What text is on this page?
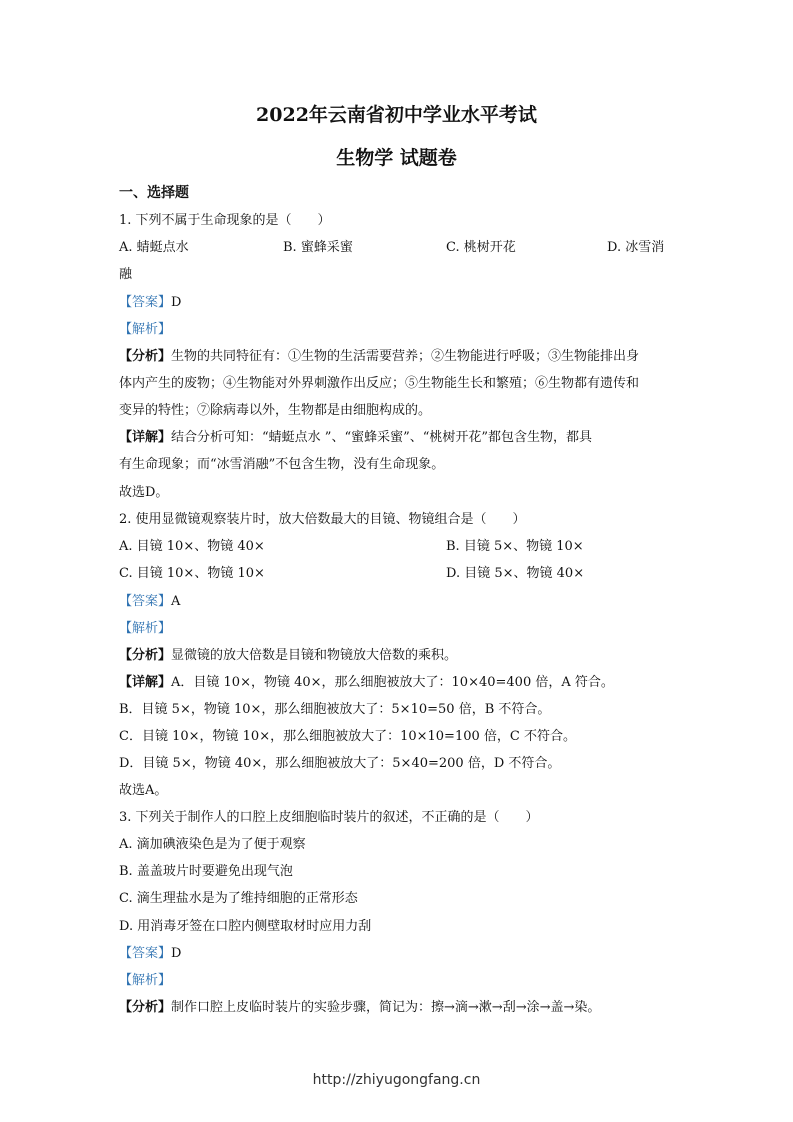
2022年云南省初中学业水平考试
生物学 试题卷
一、选择题
1. 下列不属于生命现象的是（　　）
A. 蜻蜓点水	B. 蜜蜂采蜜	C. 桃树开花	D. 冰雪消
融
【答案】D
【解析】
【分析】生物的共同特征有：①生物的生活需要营养；②生物能进行呼吸；③生物能排出身
体内产生的废物；④生物能对外界刺激作出反应；⑤生物能生长和繁殖；⑥生物都有遗传和
变异的特性；⑦除病毒以外，生物都是由细胞构成的。
【详解】结合分析可知：“蜻蜓点水 ”、“蜜蜂采蜜”、“桃树开花”都包含生物，都具
有生命现象；而“冰雪消融”不包含生物，没有生命现象。
故选D。
2. 使用显微镜观察装片时，放大倍数最大的目镜、物镜组合是（　　）
A. 目镜 10×、物镜 40×	B. 目镜 5×、物镜 10×
C. 目镜 10×、物镜 10×	D. 目镜 5×、物镜 40×
【答案】A
【解析】
【分析】显微镜的放大倍数是目镜和物镜放大倍数的乘积。
【详解】A．目镜 10×，物镜 40×，那么细胞被放大了：10×40=400 倍，A 符合。
B．目镜 5×，物镜 10×，那么细胞被放大了：5×10=50 倍，B 不符合。
C．目镜 10×，物镜 10×，那么细胞被放大了：10×10=100 倍，C 不符合。
D．目镜 5×，物镜 40×，那么细胞被放大了：5×40=200 倍，D 不符合。
故选A。
3. 下列关于制作人的口腔上皮细胞临时装片的叙述，不正确的是（　　）
A. 滴加碘液染色是为了便于观察
B. 盖盖玻片时要避免出现气泡
C. 滴生理盐水是为了维持细胞的正常形态
D. 用消毒牙签在口腔内侧壁取材时应用力刮
【答案】D
【解析】
【分析】制作口腔上皮临时装片的实验步骤，简记为：擦→滴→漱→刮→涂→盖→染。
http://zhiyugongfang.cn
